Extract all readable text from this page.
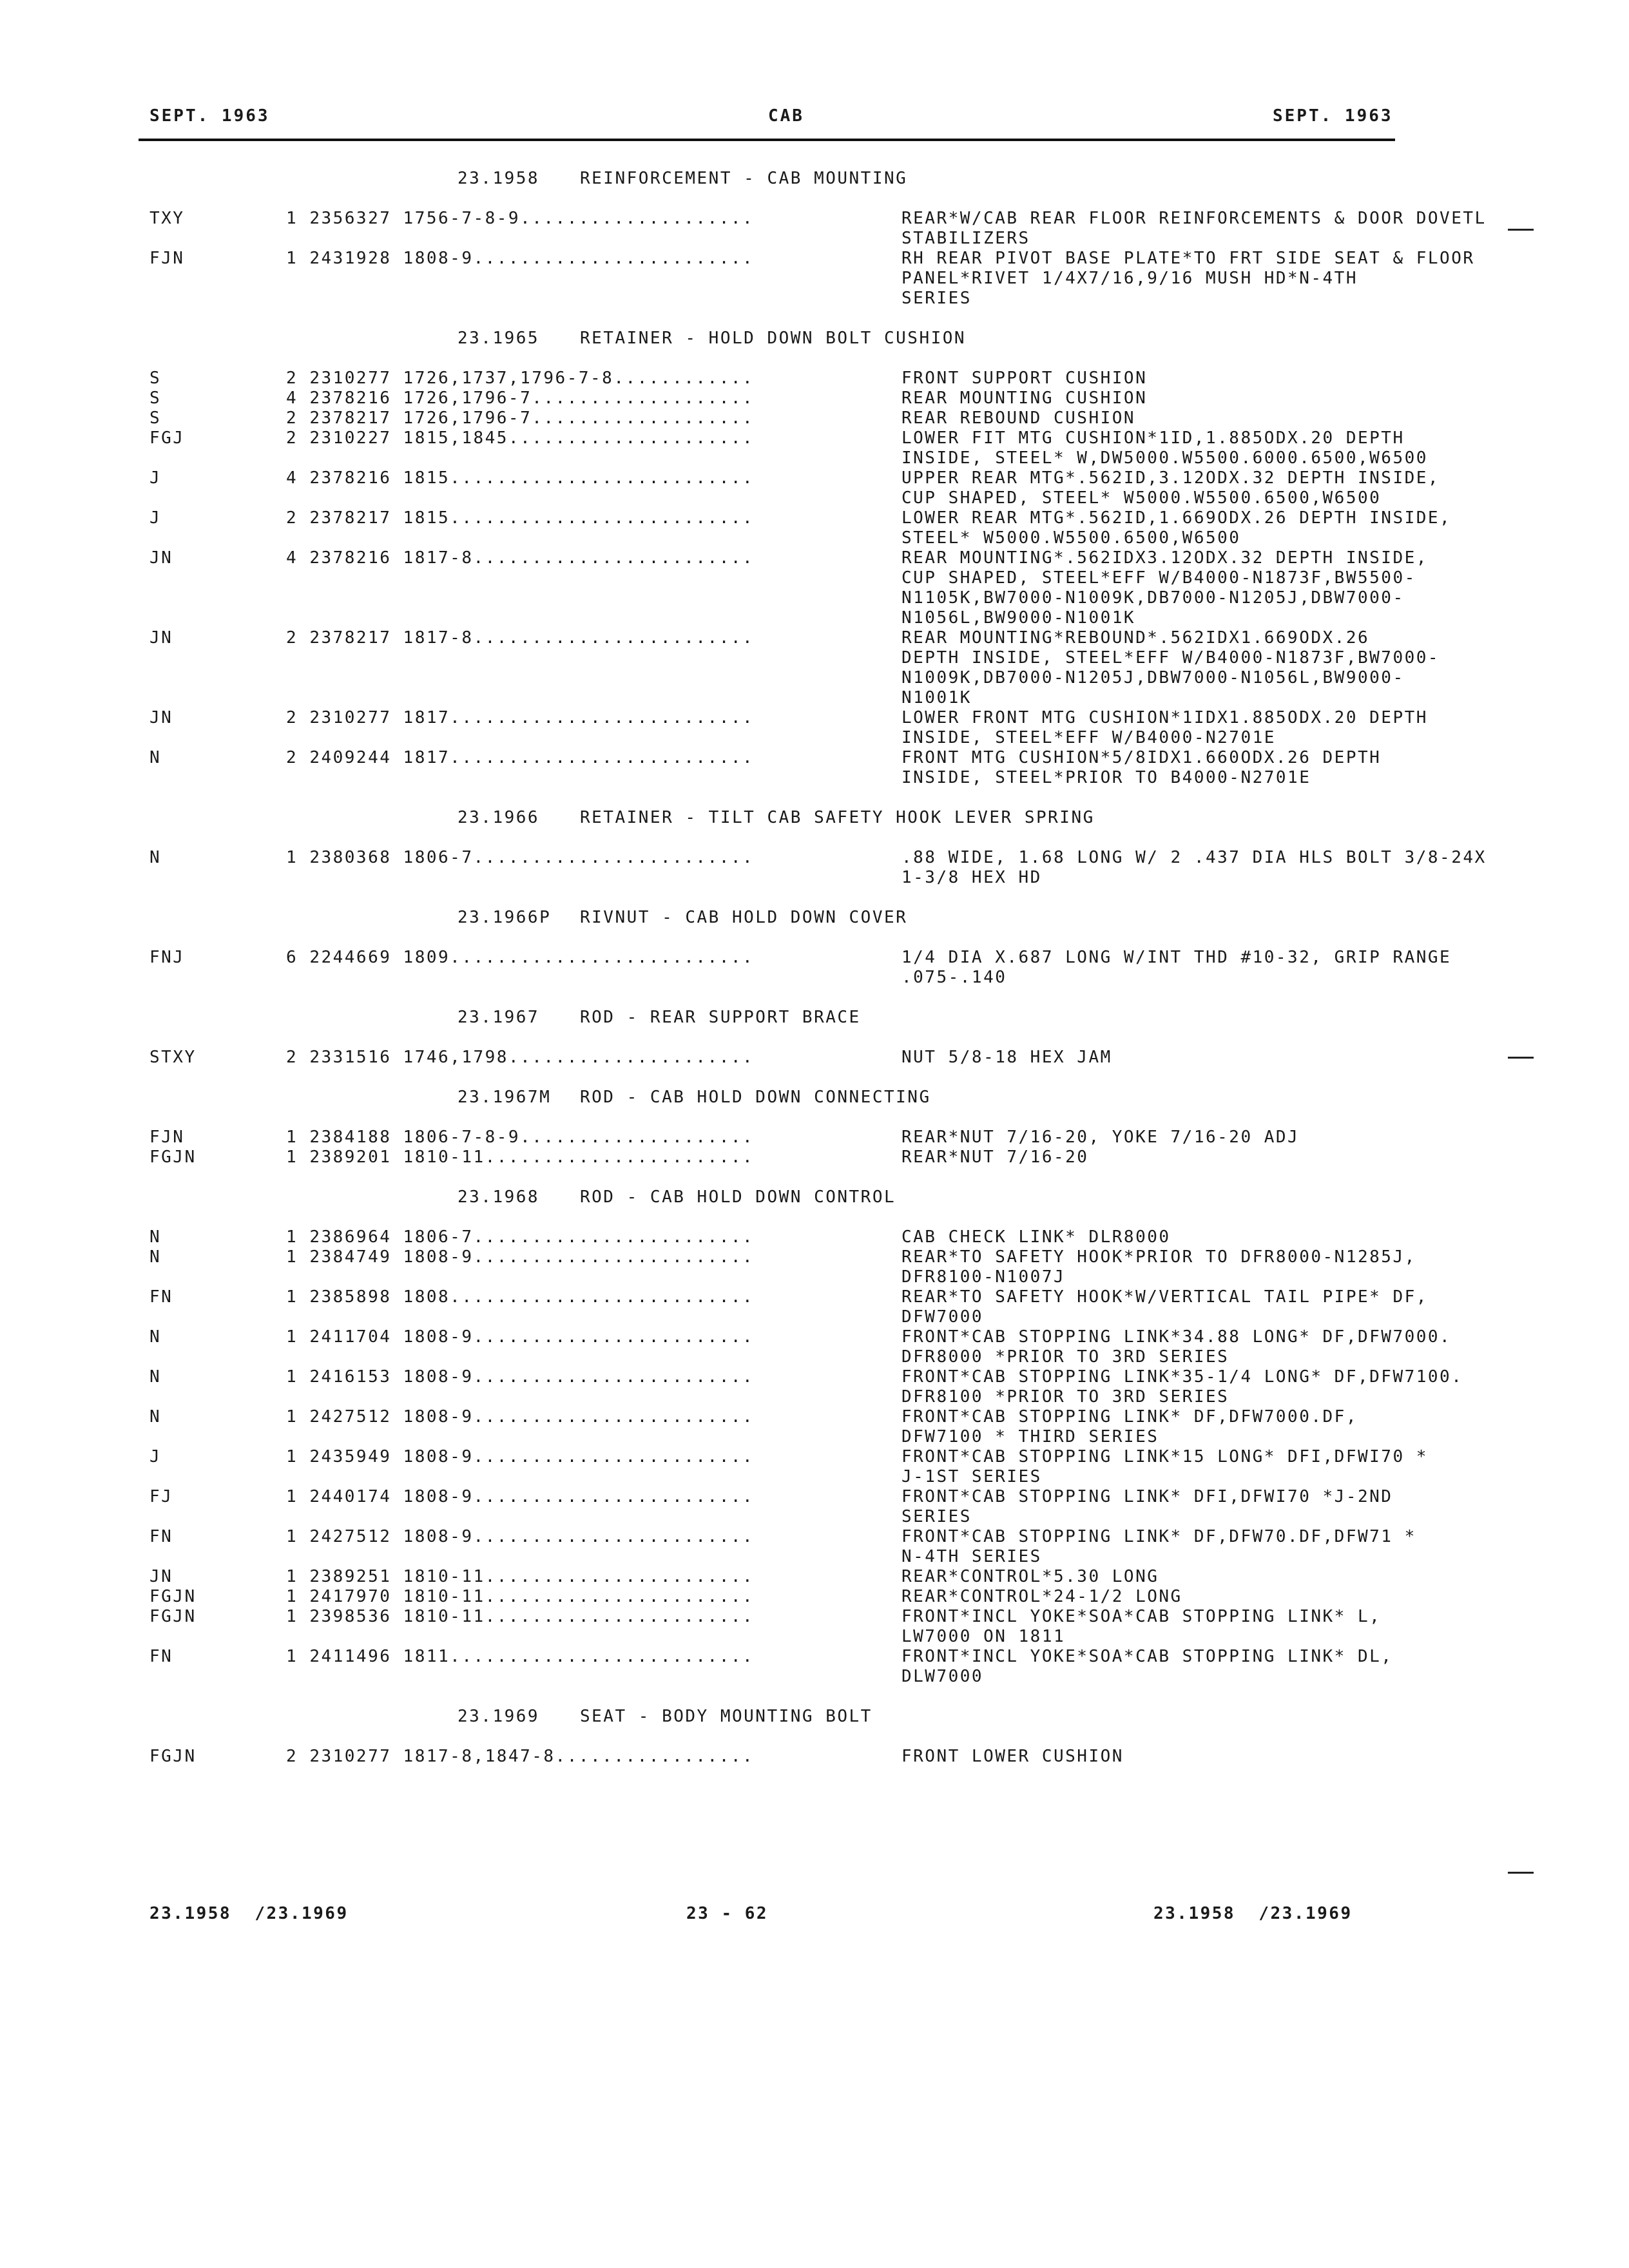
SEPT. 1963	CAB	SEPT. 1963
23.1958 REINFORCEMENT - CAB MOUNTING
TXY	1 2356327 1756-7-8-9....................	REAR*W/CAB REAR FLOOR REINFORCEMENTS & DOOR DOVETL
STABILIZERS
FJN	1 2431928 1808-9........................	RH REAR PIVOT BASE PLATE*TO FRT SIDE SEAT & FLOOR
PANEL*RIVET 1/4X7/16,9/16 MUSH HD*N-4TH
SERIES
23.1965 RETAINER - HOLD DOWN BOLT CUSHION
S	2 2310277 1726,1737,1796-7-8............	FRONT SUPPORT CUSHION
S	4 2378216 1726,1796-7...................	REAR MOUNTING CUSHION
S	2 2378217 1726,1796-7...................	REAR REBOUND CUSHION
FGJ	2 2310227 1815,1845.....................	LOWER FIT MTG CUSHION*1ID,1.885ODX.20 DEPTH
INSIDE, STEEL* W,DW5000.W5500.6000.6500,W6500
J	4 2378216 1815..........................	UPPER REAR MTG*.562ID,3.12ODX.32 DEPTH INSIDE,
CUP SHAPED, STEEL* W5000.W5500.6500,W6500
J	2 2378217 1815..........................	LOWER REAR MTG*.562ID,1.669ODX.26 DEPTH INSIDE,
STEEL* W5000.W5500.6500,W6500
JN	4 2378216 1817-8........................	REAR MOUNTING*.562IDX3.12ODX.32 DEPTH INSIDE,
CUP SHAPED, STEEL*EFF W/B4000-N1873F,BW5500-
N1105K,BW7000-N1009K,DB7000-N1205J,DBW7000-
N1056L,BW9000-N1001K
JN	2 2378217 1817-8........................	REAR MOUNTING*REBOUND*.562IDX1.669ODX.26
DEPTH INSIDE, STEEL*EFF W/B4000-N1873F,BW7000-
N1009K,DB7000-N1205J,DBW7000-N1056L,BW9000-
N1001K
JN	2 2310277 1817..........................	LOWER FRONT MTG CUSHION*1IDX1.885ODX.20 DEPTH
INSIDE, STEEL*EFF W/B4000-N2701E
N	2 2409244 1817..........................	FRONT MTG CUSHION*5/8IDX1.660ODX.26 DEPTH
INSIDE, STEEL*PRIOR TO B4000-N2701E
23.1966 RETAINER - TILT CAB SAFETY HOOK LEVER SPRING
N	1 2380368 1806-7........................	.88 WIDE, 1.68 LONG W/ 2 .437 DIA HLS BOLT 3/8-24X
1-3/8 HEX HD
23.1966P RIVNUT - CAB HOLD DOWN COVER
FNJ	6 2244669 1809..........................	1/4 DIA X.687 LONG W/INT THD #10-32, GRIP RANGE
.075-.140
23.1967 ROD - REAR SUPPORT BRACE
STXY	2 2331516 1746,1798.....................	NUT 5/8-18 HEX JAM
23.1967M ROD - CAB HOLD DOWN CONNECTING
FJN	1 2384188 1806-7-8-9....................	REAR*NUT 7/16-20, YOKE 7/16-20 ADJ
FGJN	1 2389201 1810-11.......................	REAR*NUT 7/16-20
23.1968 ROD - CAB HOLD DOWN CONTROL
N	1 2386964 1806-7........................	CAB CHECK LINK* DLR8000
N	1 2384749 1808-9........................	REAR*TO SAFETY HOOK*PRIOR TO DFR8000-N1285J,
DFR8100-N1007J
FN	1 2385898 1808..........................	REAR*TO SAFETY HOOK*W/VERTICAL TAIL PIPE* DF,
DFW7000
N	1 2411704 1808-9........................	FRONT*CAB STOPPING LINK*34.88 LONG* DF,DFW7000.
DFR8000 *PRIOR TO 3RD SERIES
N	1 2416153 1808-9........................	FRONT*CAB STOPPING LINK*35-1/4 LONG* DF,DFW7100.
DFR8100 *PRIOR TO 3RD SERIES
N	1 2427512 1808-9........................	FRONT*CAB STOPPING LINK* DF,DFW7000.DF,
DFW7100 * THIRD SERIES
J	1 2435949 1808-9........................	FRONT*CAB STOPPING LINK*15 LONG* DFI,DFWI70 *
J-1ST SERIES
FJ	1 2440174 1808-9........................	FRONT*CAB STOPPING LINK* DFI,DFWI70 *J-2ND
SERIES
FN	1 2427512 1808-9........................	FRONT*CAB STOPPING LINK* DF,DFW70.DF,DFW71 *
N-4TH SERIES
JN	1 2389251 1810-11.......................	REAR*CONTROL*5.30 LONG
FGJN	1 2417970 1810-11.......................	REAR*CONTROL*24-1/2 LONG
FGJN	1 2398536 1810-11.......................	FRONT*INCL YOKE*SOA*CAB STOPPING LINK* L,
LW7000 ON 1811
FN	1 2411496 1811..........................	FRONT*INCL YOKE*SOA*CAB STOPPING LINK* DL,
DLW7000
23.1969 SEAT - BODY MOUNTING BOLT
FGJN	2 2310277 1817-8,1847-8.................	FRONT LOWER CUSHION
23.1958  /23.1969	23 - 62	23.1958  /23.1969
